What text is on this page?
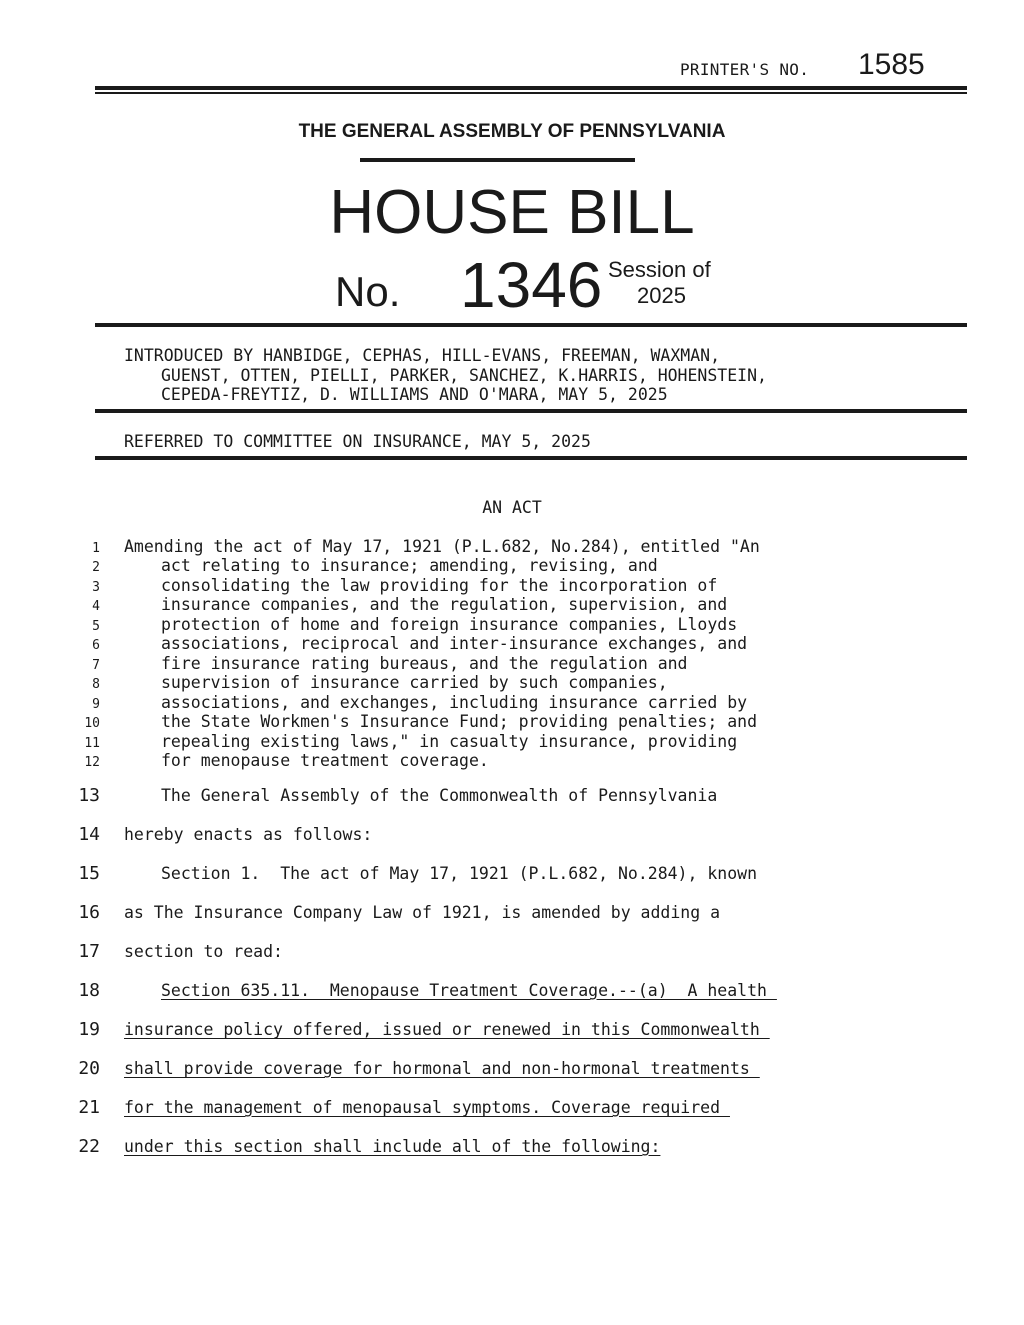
PRINTER'S NO. 1585
THE GENERAL ASSEMBLY OF PENNSYLVANIA
HOUSE BILL
No. 1346 Session of
2025
INTRODUCED BY HANBIDGE, CEPHAS, HILL-EVANS, FREEMAN, WAXMAN,
GUENST, OTTEN, PIELLI, PARKER, SANCHEZ, K.HARRIS, HOHENSTEIN,
CEPEDA-FREYTIZ, D. WILLIAMS AND O'MARA, MAY 5, 2025
REFERRED TO COMMITTEE ON INSURANCE, MAY 5, 2025
AN ACT
1 Amending the act of May 17, 1921 (P.L.682, No.284), entitled "An
2	act relating to insurance; amending, revising, and
3	consolidating the law providing for the incorporation of
4	insurance companies, and the regulation, supervision, and
5	protection of home and foreign insurance companies, Lloyds
6	associations, reciprocal and inter-insurance exchanges, and
7	fire insurance rating bureaus, and the regulation and
8	supervision of insurance carried by such companies,
9	associations, and exchanges, including insurance carried by
10	the State Workmen's Insurance Fund; providing penalties; and
11	repealing existing laws," in casualty insurance, providing
12	for menopause treatment coverage.
13	The General Assembly of the Commonwealth of Pennsylvania
14 hereby enacts as follows:
15	Section 1.  The act of May 17, 1921 (P.L.682, No.284), known
16 as The Insurance Company Law of 1921, is amended by adding a
17 section to read:
18	Section 635.11.  Menopause Treatment Coverage.--(a)  A health
19 insurance policy offered, issued or renewed in this Commonwealth
20 shall provide coverage for hormonal and non-hormonal treatments
21 for the management of menopausal symptoms. Coverage required
22 under this section shall include all of the following:
